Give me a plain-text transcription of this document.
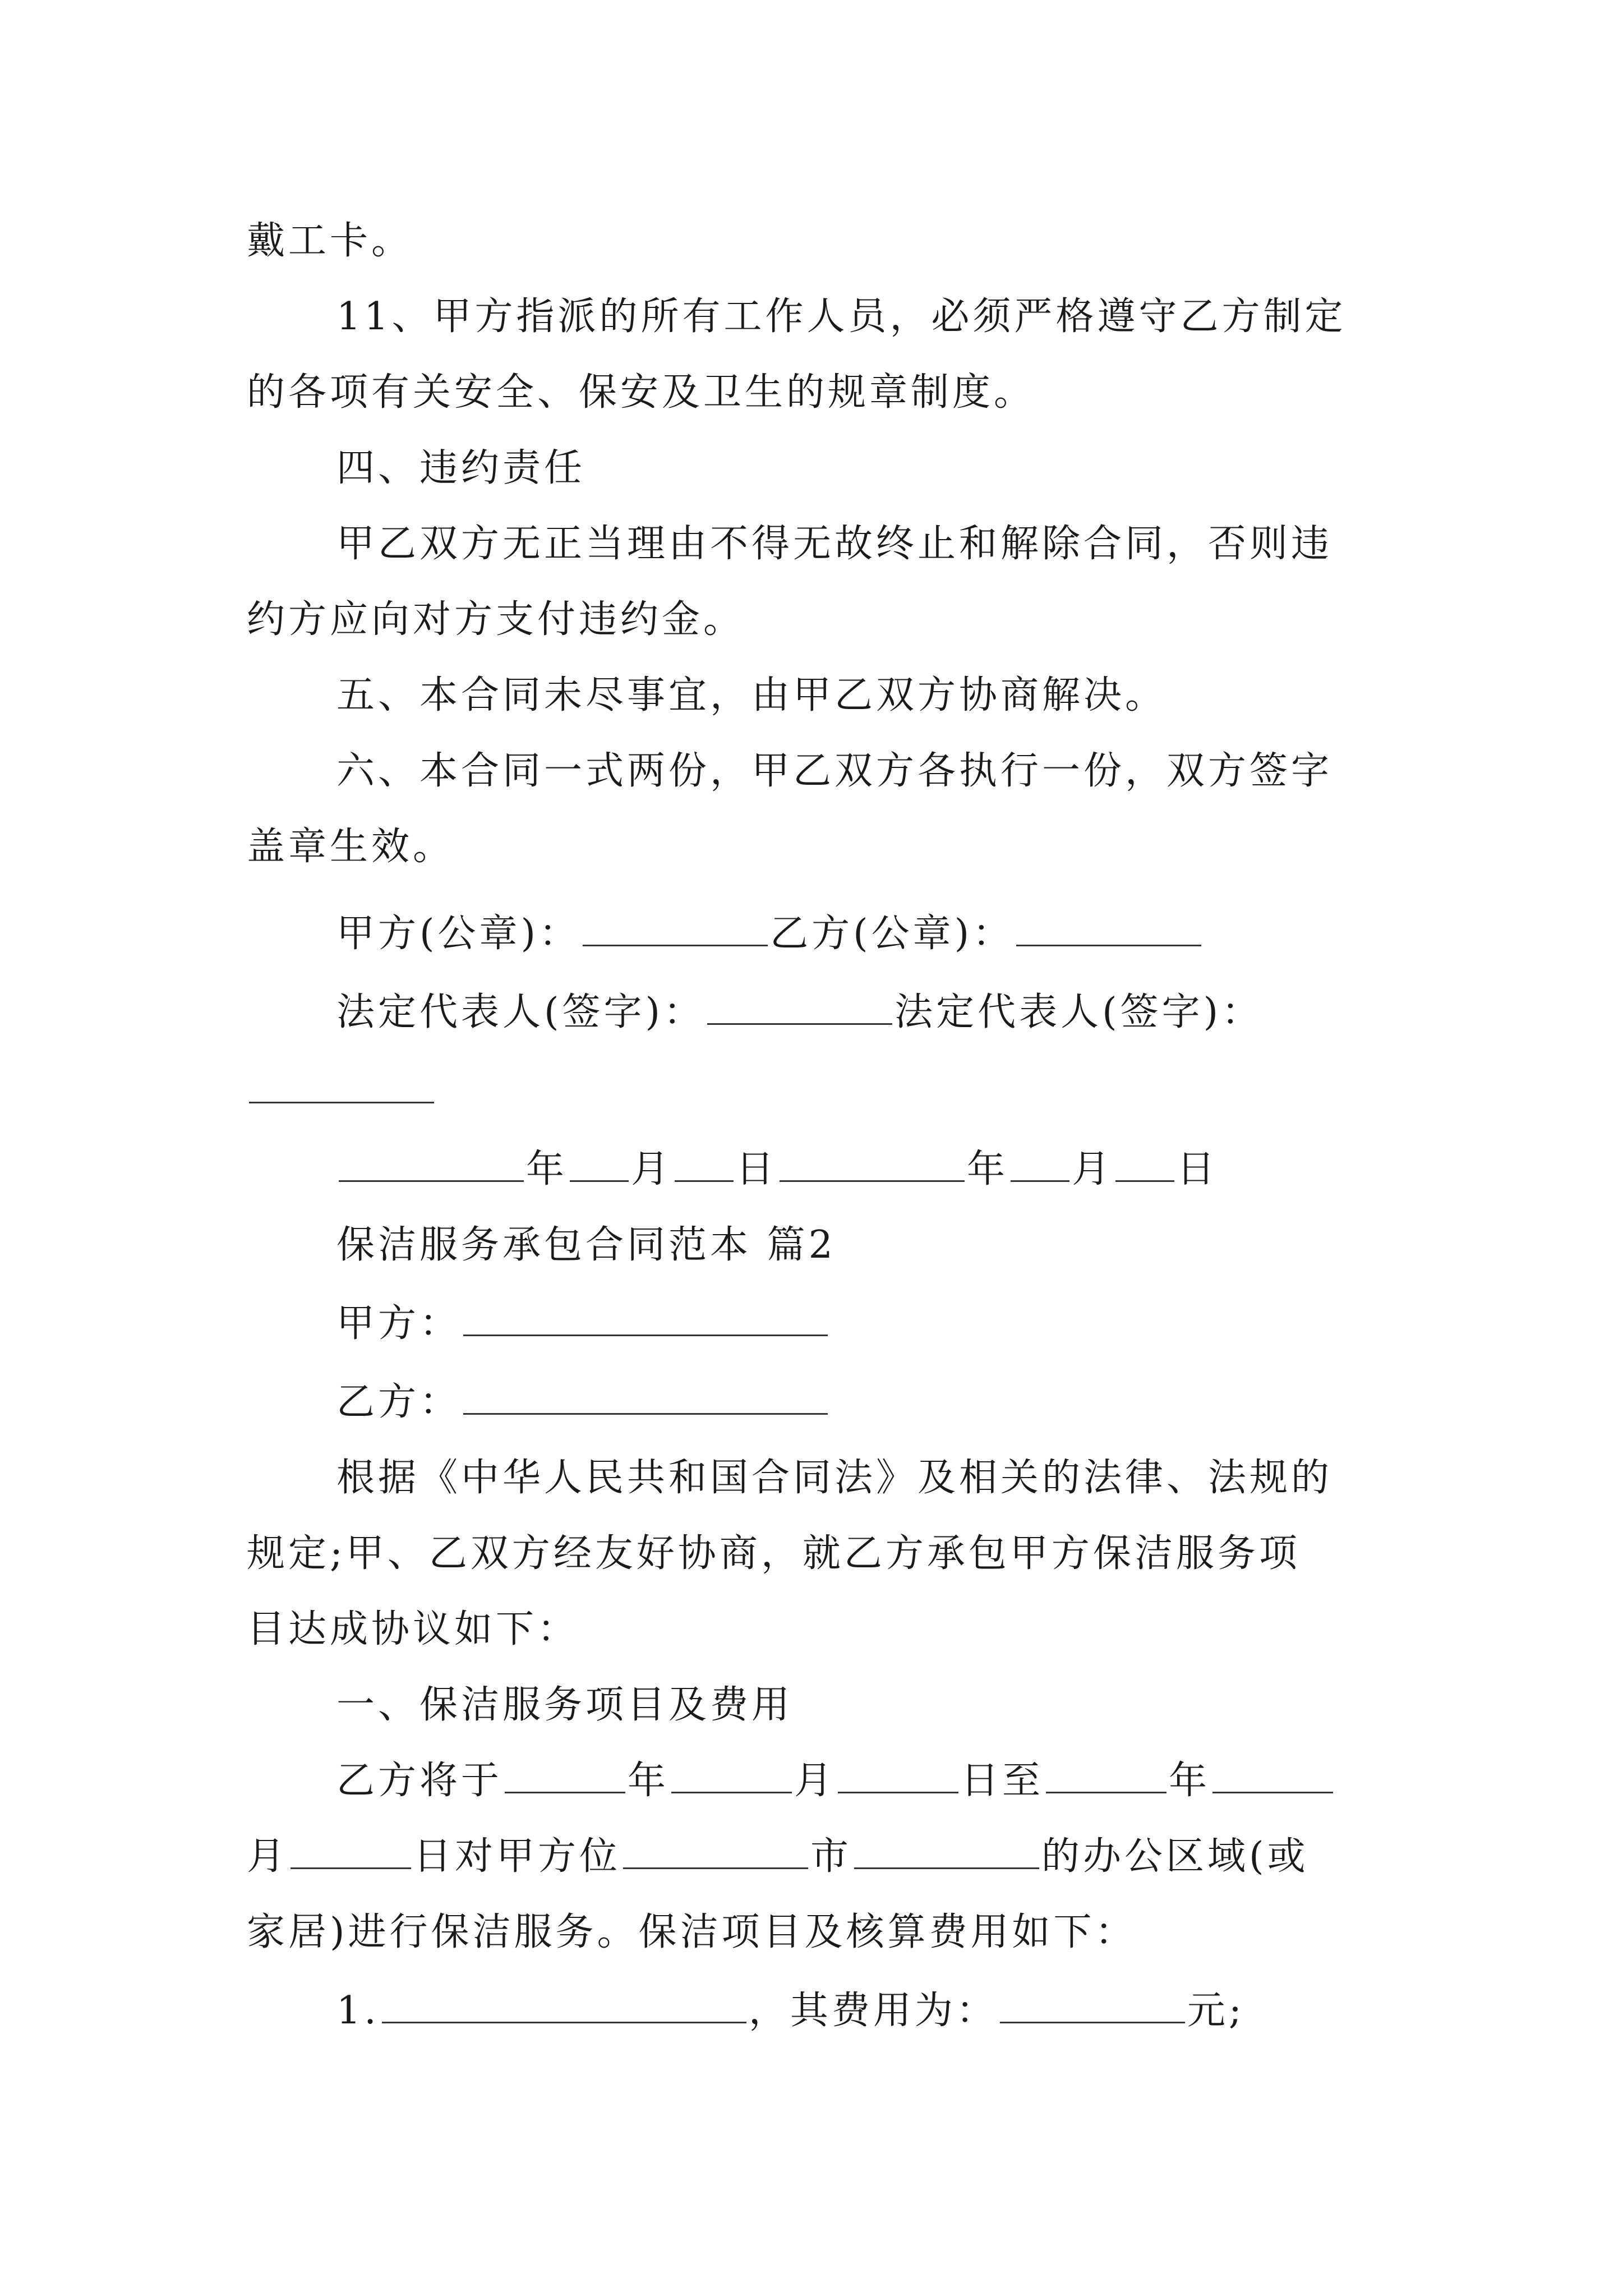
戴工卡。
11、甲方指派的所有工作人员，必须严格遵守乙方制定
的各项有关安全、保安及卫生的规章制度。
四、违约责任
甲乙双方无正当理由不得无故终止和解除合同，否则违
约方应向对方支付违约金。
五、本合同未尽事宜，由甲乙双方协商解决。
六、本合同一式两份，甲乙双方各执行一份，双方签字
盖章生效。
甲方(公章)：	乙方(公章)：
法定代表人(签字)：	法定代表人(签字)：
年 月 日	年 月 日
保洁服务承包合同范本 篇2
甲方：
乙方：
根据《中华人民共和国合同法》及相关的法律、法规的
规定;甲、乙双方经友好协商，就乙方承包甲方保洁服务项
目达成协议如下：
一、保洁服务项目及费用
乙方将于	年	月	日至	年
月	日对甲方位	市	的办公区域(或
家居)进行保洁服务。保洁项目及核算费用如下：
1.	，其费用为：	元;
